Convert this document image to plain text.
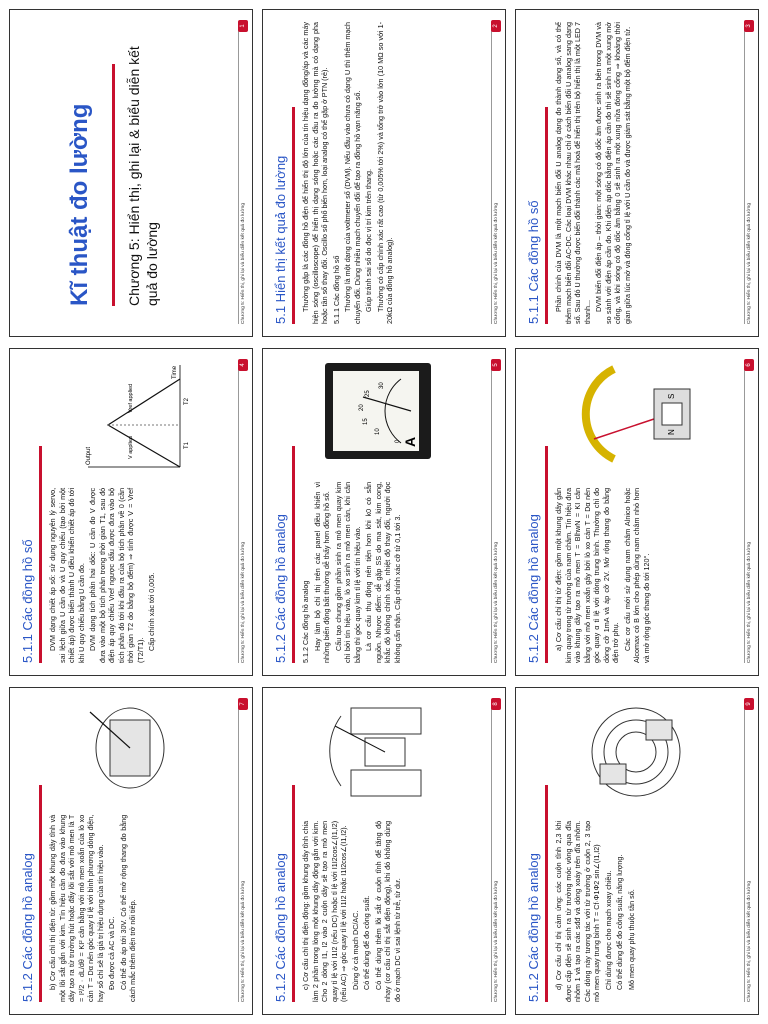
Kĩ thuật đo lường Chương 5: Hiển thị, ghi lại & biểu diễn kết quả đo lường	Chương 5: Hiển thị, ghi lại và biểu diễn kết quả đo lường
1
5.1 Hiển thị kết quả đo lường Thường gặp là các đồng hồ điện để hiển thị độ lớn của tín hiệu dạng đồng/áp và các máy hiện sóng (oscilloscope) để hiển thị dạng sóng hoặc các đầu ra đo lường mà có dạng pha hoặc tần số thay đổi. Oscillo số phổ biến hơn, loại analog có thể gặp ở PTN (rẻ). 5.1.1 Các đồng hồ số Thường là một dạng của voltmeter số (DVM). Nếu đầu vào chưa có dạng U thì thêm mạch chuyển đổi. Dùng nhiều mạch chuyển đổi để tạo ra đồng hồ vạn năng số. Giúp tránh sai số do đọc vị trí kim trên thang. Thường có cấp chính xác rất cao (từ 0,005% tới 2%) và tổng trở vào lớn (10 MΩ so với 1-20kΩ của đồng hồ analog).	Chương 5: Hiển thị, ghi lại và biểu diễn kết quả đo lường
2
5.1.1 Các đồng hồ số Phần chính của DVM là một mạch biến đổi U analog dạng đo thành dạng số, và có thể thêm mạch biến đổi AC-DC. Các loại DVM khác nhau chỉ ở cách biến đổi U analog sang dạng số. Sau đó U thường được biến đổi thành các mã hoá để hiển thị trên bộ hiển thị là một LED 7 thanh...

DVM biến đổi điện áp – thời gian: một sóng có độ dốc âm được sinh ra bên trong DVM và so sánh với điện áp cần đo. Khi điện áp dốc bằng điện áp cần đo thì sẽ sinh ra một xung mở cổng, và khi sóng có độ dốc âm bằng 0 sẽ sinh ra một xung nữa đóng cổng ⇒ khoảng thời gian giữa lúc mở và đóng cổng tỉ lệ với U cần đo và được giám sát bằng một bộ đếm điện tử.	Chương 5: Hiển thị, ghi lại và biểu diễn kết quả đo lường
3
5.1.1 Các đồng hồ số DVM dạng chiết áp số: sử dụng nguyên lý servo, sai lệch giữa U cần đo và U quy chiếu (tạo bởi một chiết áp) được biến thành U điều khiển chiết áp đó tới khi U quy chiếu bằng U cần đo. DVM dạng tích phân hai dốc: U cần đo V được đưa vào một bộ tích phân trong thời gian T1, sau đó điện áp quy chiếu Vref ngược dấu được đưa vào bộ tích phân đó tới khi đầu ra của bộ tích phân về 0 (cần thời gian T2 do bằng bộ đếm) ⇒ tính được V = Vref (T2/T1). Cấp chính xác tới 0,005.

Output	V applied
Vref applied
T1
T2
Time
Chương 5: Hiển thị, ghi lại và biểu diễn kết quả đo lường
4
5.1.2 Các đồng hồ analog 5.1.2 Các đồng hồ analog Hay làm bộ chỉ thị trên các panel điều khiển vì những biến động bất thường dễ thấy hơn đồng hồ số. Cấu tạo chung gồm phần sinh ra mô men quay kim chỉ bởi tín hiệu vào, lò xo sinh ra mô men cản, khi cân bằng thì góc quay kim tỉ lệ với tín hiệu vào. Là cơ cấu thụ động nên tiện hơn khi k0 có sẵn nguồn. Nhược điểm: dễ gặp SS do ma sát, kim cong, khắc độ không chính xác, nhiệt độ thay đổi, người đọc không cẩn thận. Cấp chính xác cỡ tử 0,1 tới 3.

A
0
10
15
20
25
30
Chương 5: Hiển thị, ghi lại và biểu diễn kết quả đo lường
5
5.1.2 Các đồng hồ analog a) Cơ cấu chỉ thị từ điện: gồm một khung dây gắn kim quay trong từ trường của nam châm. Tín hiệu đưa vào khung dây tạo ra mô men T = BlhwN = KI cân bằng với mô men xoắn gây bởi lò xo cản T = Dα nên góc quay α tỉ lệ với dòng trung bình. Thường chỉ đo dòng cỡ 1mA và áp cỡ 2V. Mở rộng thang đo bằng điện trở phụ. Các cơ cấu mới sử dụng nam châm Alnico hoặc Alcomax có B lớn cho phép dùng nam châm nhỏ hơn và mở rộng góc thang đo tới 120°.

N
S
Chương 5: Hiển thị, ghi lại và biểu diễn kết quả đo lường
6
5.1.2 Các đồng hồ analog b) Cơ cấu chỉ thị điện từ: gồm một khung dây tĩnh và một lõi sắt gắn với kim. Tín hiệu cần đo đưa vào khung dây tạo ra từ trường hút hoặc đẩy lõi sắt với mô men là T = I²/2 · dL/dθ = KI² cân bằng với mô men xoắn của lò xo cản T = Dα nên góc quay tỉ lệ với bình phương dòng điện, hay số chỉ sẽ là giá trị hiệu dụng của tín hiệu vào. Đo được cả AC và DC. Có thể đo áp tới 30V. Có thể mở rộng thang đo bằng cách mắc thêm điện trở nối tiếp.	Chương 5: Hiển thị, ghi lại và biểu diễn kết quả đo lường
7
5.1.2 Các đồng hồ analog c) Cơ cấu chỉ thị điện động: gồm khung dây tĩnh chia làm 2 phần trong lòng một khung dây động gắn với kim. Cho 2 dòng I1, I2 vào 2 cuộn dây sẽ tạo ra mô men quay tỉ lệ với I1I2 (nếu DC) hoặc tỉ lệ với I1I2cos∠(I1,I2) (nếu AC) ⇒ góc quay tỉ lệ với I1I2 hoặc I1I2cos∠(I1,I2). Dùng ở cả mạch DC/AC. Có thể dùng để đo công suất. Có thể dùng thêm lõi sắt ở cuộn tĩnh để tăng độ nhạy (cơ cấu chỉ thị sắt điện động), khi đó không dùng đo ở mạch DC vì sai lệnh từ trễ, từ dư.	Chương 5: Hiển thị, ghi lại và biểu diễn kết quả đo lường
8
5.1.2 Các đồng hồ analog d) Cơ cấu chỉ thị cảm ứng: các cuộn tĩnh 2,3 khi được cấp điện sẽ sinh ra từ trường móc vòng qua đĩa nhôm 1 và tạo ra các sđđ và dòng xoáy trên đĩa nhôm. Các dòng này tương tác với từ trường ở cuộn 2, 3 tạo mô men quay trung bình T = Cf·Φ1Φ2 sin∠(I1,I2) Chỉ dùng được cho mạch xoay chiều. Có thể dùng để đo công suất, năng lượng. Mô men quay phụ thuộc tần số.	Chương 5: Hiển thị, ghi lại và biểu diễn kết quả đo lường
9
